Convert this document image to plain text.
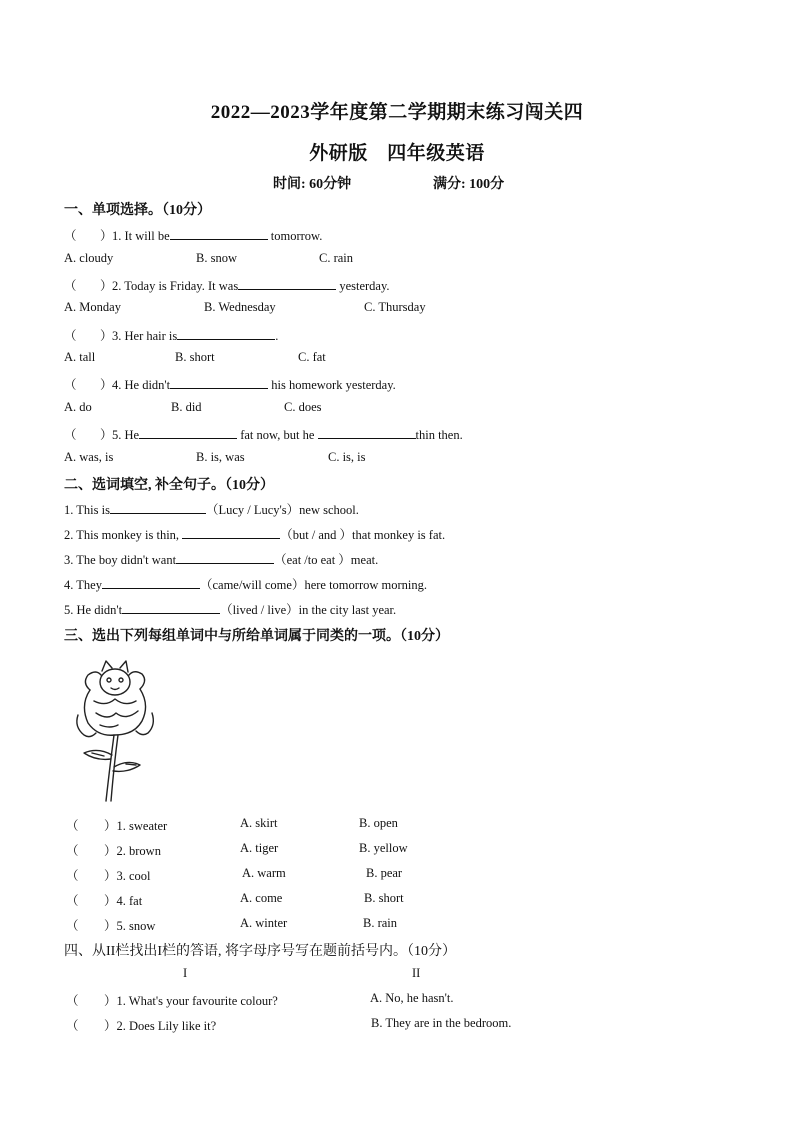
2022—2023学年度第二学期期末练习闯关四
外研版　四年级英语
时间: 60分钟	满分: 100分
一、单项选择。（10分）
（ ）1. It will be	tomorrow.
A. cloudy	B. snow	C. rain
（ ）2. Today is Friday. It was	yesterday.
A. Monday	B. Wednesday	C. Thursday
（ ）3. Her hair is	.
A. tall	B. short	C. fat
（ ）4. He didn't	his homework yesterday.
A. do	B. did	C. does
（ ）5. He	fat now, but he	thin then.
A. was, is	B. is, was	C. is, is
二、选词填空, 补全句子。（10分）
1. This is	（Lucy / Lucy's）new school.
2. This monkey is thin,	（but / and ）that monkey is fat.
3. The boy didn't want	（eat /to eat ）meat.
4. They	（came/will come）here tomorrow morning.
5. He didn't	（lived / live）in the city last year.
三、选出下列每组单词中与所给单词属于同类的一项。（10分）
（ ）1. sweater	A. skirt	B. open
（ ）2. brown	A. tiger	B. yellow
（ ）3. cool	A. warm	B. pear
（ ）4. fat	A. come	B. short
（ ）5. snow	A. winter	B. rain
四、从II栏找出I栏的答语, 将字母序号写在题前括号内。（10分）
I	II
（ ）1. What's your favourite colour?	A. No, he hasn't.
（ ）2. Does Lily like it?	B. They are in the bedroom.
